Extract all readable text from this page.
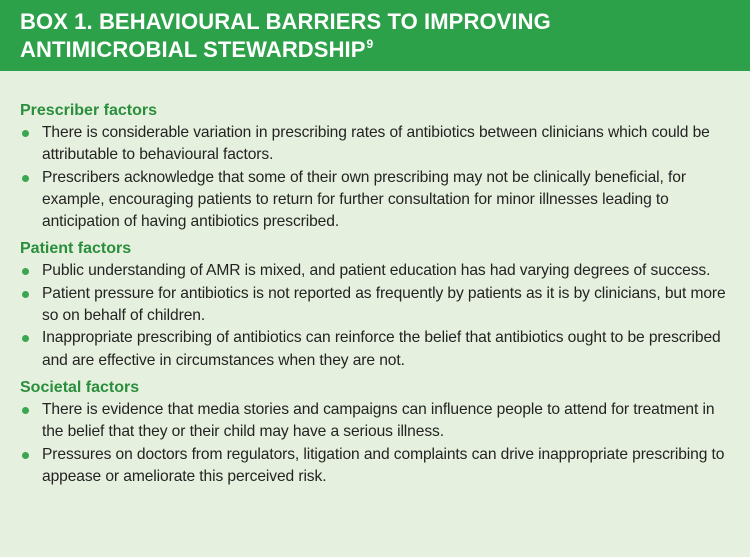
BOX 1. BEHAVIOURAL BARRIERS TO IMPROVING ANTIMICROBIAL STEWARDSHIP$^9$
Prescriber factors
There is considerable variation in prescribing rates of antibiotics between clinicians which could be attributable to behavioural factors.
Prescribers acknowledge that some of their own prescribing may not be clinically beneficial, for example, encouraging patients to return for further consultation for minor illnesses leading to anticipation of having antibiotics prescribed.
Patient factors
Public understanding of AMR is mixed, and patient education has had varying degrees of success.
Patient pressure for antibiotics is not reported as frequently by patients as it is by clinicians, but more so on behalf of children.
Inappropriate prescribing of antibiotics can reinforce the belief that antibiotics ought to be prescribed and are effective in circumstances when they are not.
Societal factors
There is evidence that media stories and campaigns can influence people to attend for treatment in the belief that they or their child may have a serious illness.
Pressures on doctors from regulators, litigation and complaints can drive inappropriate prescribing to appease or ameliorate this perceived risk.
